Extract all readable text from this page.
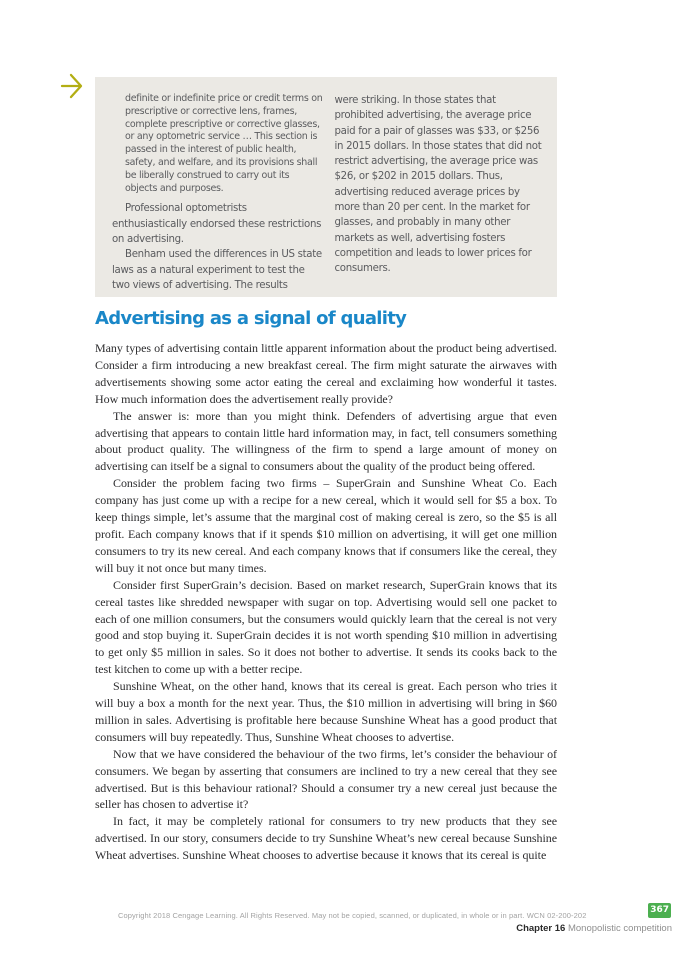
definite or indefinite price or credit terms on prescriptive or corrective lens, frames, complete prescriptive or corrective glasses, or any optometric service … This section is passed in the interest of public health, safety, and welfare, and its provisions shall be liberally construed to carry out its objects and purposes.

Professional optometrists enthusiastically endorsed these restrictions on advertising.

Benham used the differences in US state laws as a natural experiment to test the two views of advertising. The results

were striking. In those states that prohibited advertising, the average price paid for a pair of glasses was $33, or $256 in 2015 dollars. In those states that did not restrict advertising, the average price was $26, or $202 in 2015 dollars. Thus, advertising reduced average prices by more than 20 per cent. In the market for glasses, and probably in many other markets as well, advertising fosters competition and leads to lower prices for consumers.

Advertising as a signal of quality

Many types of advertising contain little apparent information about the product being advertised. Consider a firm introducing a new breakfast cereal. The firm might saturate the airwaves with advertisements showing some actor eating the cereal and exclaiming how wonderful it tastes. How much information does the advertisement really provide?

The answer is: more than you might think. Defenders of advertising argue that even advertising that appears to contain little hard information may, in fact, tell consumers something about product quality. The willingness of the firm to spend a large amount of money on advertising can itself be a signal to consumers about the quality of the product being offered.

Consider the problem facing two firms – SuperGrain and Sunshine Wheat Co. Each company has just come up with a recipe for a new cereal, which it would sell for $5 a box. To keep things simple, let’s assume that the marginal cost of making cereal is zero, so the $5 is all profit. Each company knows that if it spends $10 million on advertising, it will get one million consumers to try its new cereal. And each company knows that if consumers like the cereal, they will buy it not once but many times.

Consider first SuperGrain’s decision. Based on market research, SuperGrain knows that its cereal tastes like shredded newspaper with sugar on top. Advertising would sell one packet to each of one million consumers, but the consumers would quickly learn that the cereal is not very good and stop buying it. SuperGrain decides it is not worth spending $10 million in advertising to get only $5 million in sales. So it does not bother to advertise. It sends its cooks back to the test kitchen to come up with a better recipe.

Sunshine Wheat, on the other hand, knows that its cereal is great. Each person who tries it will buy a box a month for the next year. Thus, the $10 million in advertising will bring in $60 million in sales. Advertising is profitable here because Sunshine Wheat has a good product that consumers will buy repeatedly. Thus, Sunshine Wheat chooses to advertise.

Now that we have considered the behaviour of the two firms, let’s consider the behaviour of consumers. We began by asserting that consumers are inclined to try a new cereal that they see advertised. But is this behaviour rational? Should a consumer try a new cereal just because the seller has chosen to advertise it?

In fact, it may be completely rational for consumers to try new products that they see advertised. In our story, consumers decide to try Sunshine Wheat’s new cereal because Sunshine Wheat advertises. Sunshine Wheat chooses to advertise because it knows that its cereal is quite

Copyright 2018 Cengage Learning. All Rights Reserved. May not be copied, scanned, or duplicated, in whole or in part. WCN 02-200-202
367
Chapter 16 Monopolistic competition
